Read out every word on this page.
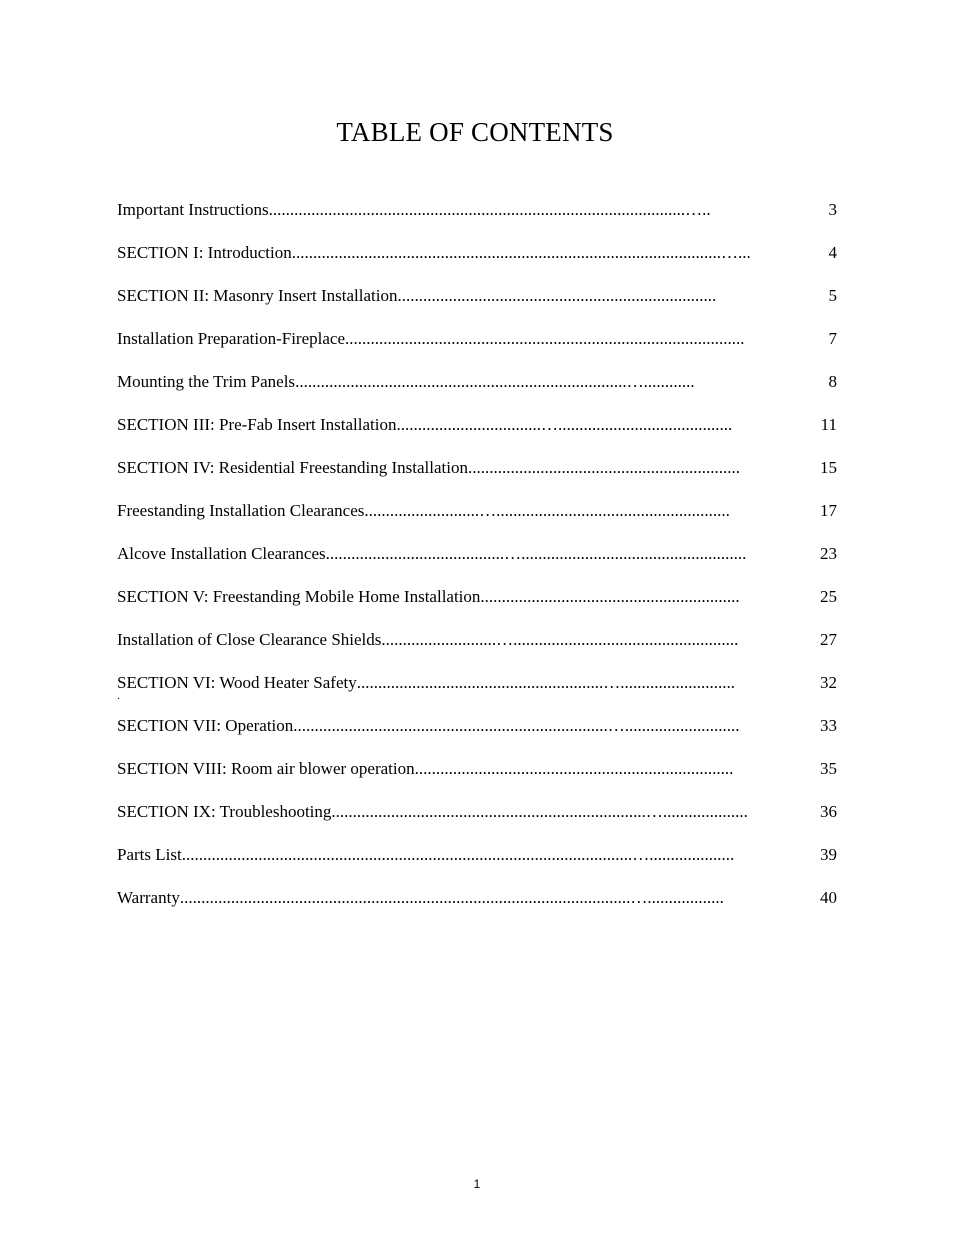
TABLE OF CONTENTS
Important Instructions ..................................................................................................…..	3
SECTION I: Introduction .....................................................................................................…...	4
SECTION II: Masonry Insert Installation ...........................................................................	5
Installation Preparation-Fireplace ..............................................................................................	7
Mounting the Trim Panels ..............................................................................…............	8
SECTION III: Pre-Fab Insert Installation ..................................….........................................	11
SECTION IV: Residential Freestanding Installation ................................................................	15
Freestanding Installation Clearances ...........................….......................................................	17
Alcove Installation Clearances ..........................................….....................................................	23
SECTION V: Freestanding Mobile Home Installation .............................................................	25
Installation of Close Clearance Shields ...........................….....................................................	27
SECTION VI: Wood Heater Safety ..........................................................…...........................	32
.
SECTION VII: Operation ..........................................................................…...........................	33
SECTION VIII: Room air blower operation ...........................................................................	35
SECTION IX: Troubleshooting ..........................................................................…....................	36
Parts List ..........................................................................................................…....................	39
Warranty ..........................................................................................................…..................	40
1
